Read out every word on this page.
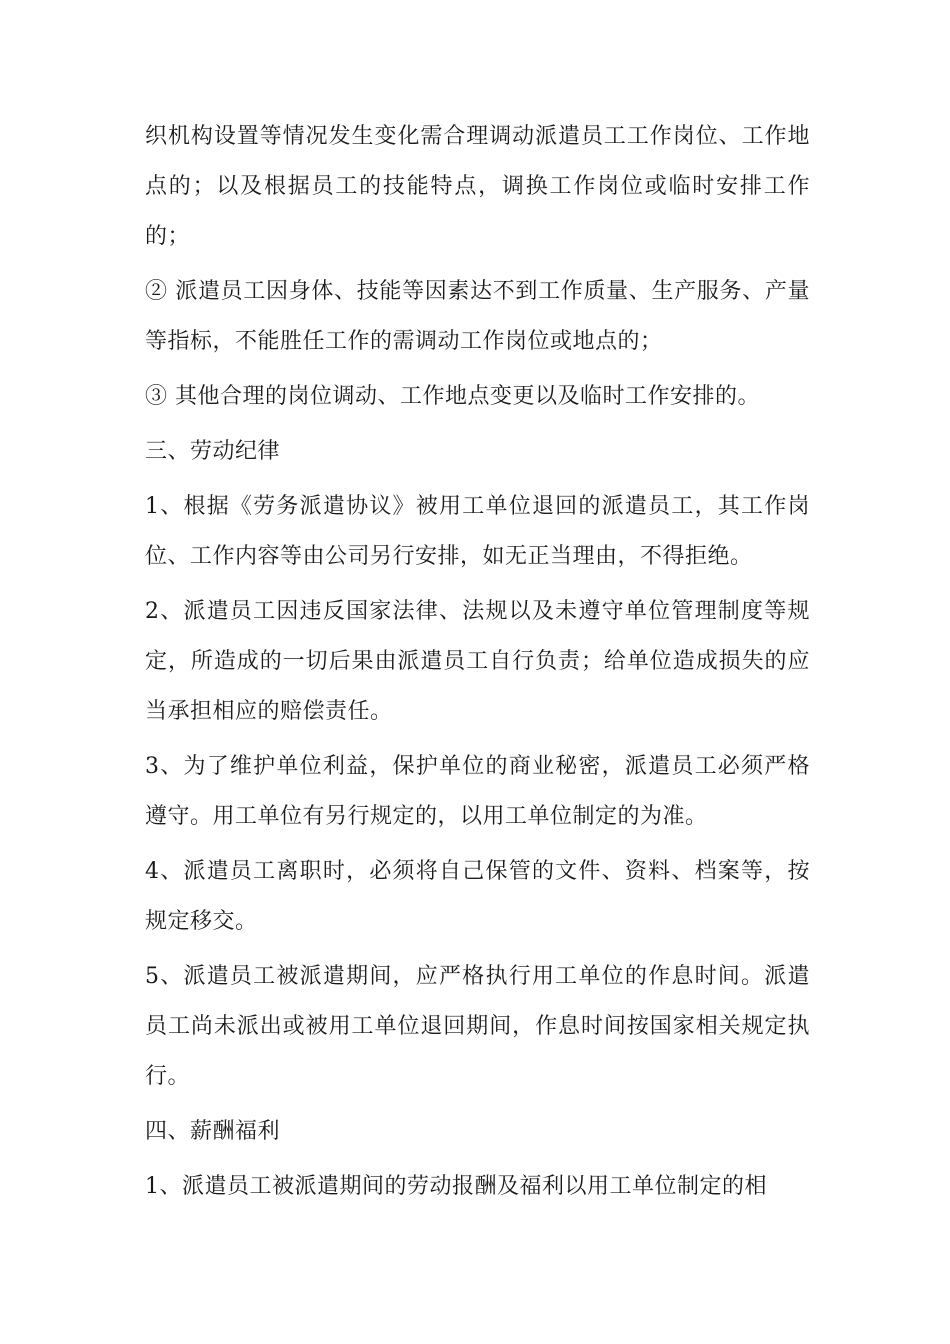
织机构设置等情况发生变化需合理调动派遣员工工作岗位、工作地点的；以及根据员工的技能特点，调换工作岗位或临时安排工作的；

② 派遣员工因身体、技能等因素达不到工作质量、生产服务、产量等指标，不能胜任工作的需调动工作岗位或地点的；

③ 其他合理的岗位调动、工作地点变更以及临时工作安排的。

三、劳动纪律

1、根据《劳务派遣协议》被用工单位退回的派遣员工，其工作岗位、工作内容等由公司另行安排，如无正当理由，不得拒绝。

2、派遣员工因违反国家法律、法规以及未遵守单位管理制度等规定，所造成的一切后果由派遣员工自行负责；给单位造成损失的应当承担相应的赔偿责任。

3、为了维护单位利益，保护单位的商业秘密，派遣员工必须严格遵守。用工单位有另行规定的，以用工单位制定的为准。

4、派遣员工离职时，必须将自己保管的文件、资料、档案等，按规定移交。

5、派遣员工被派遣期间，应严格执行用工单位的作息时间。派遣员工尚未派出或被用工单位退回期间，作息时间按国家相关规定执行。

四、薪酬福利

1、派遣员工被派遣期间的劳动报酬及福利以用工单位制定的相
